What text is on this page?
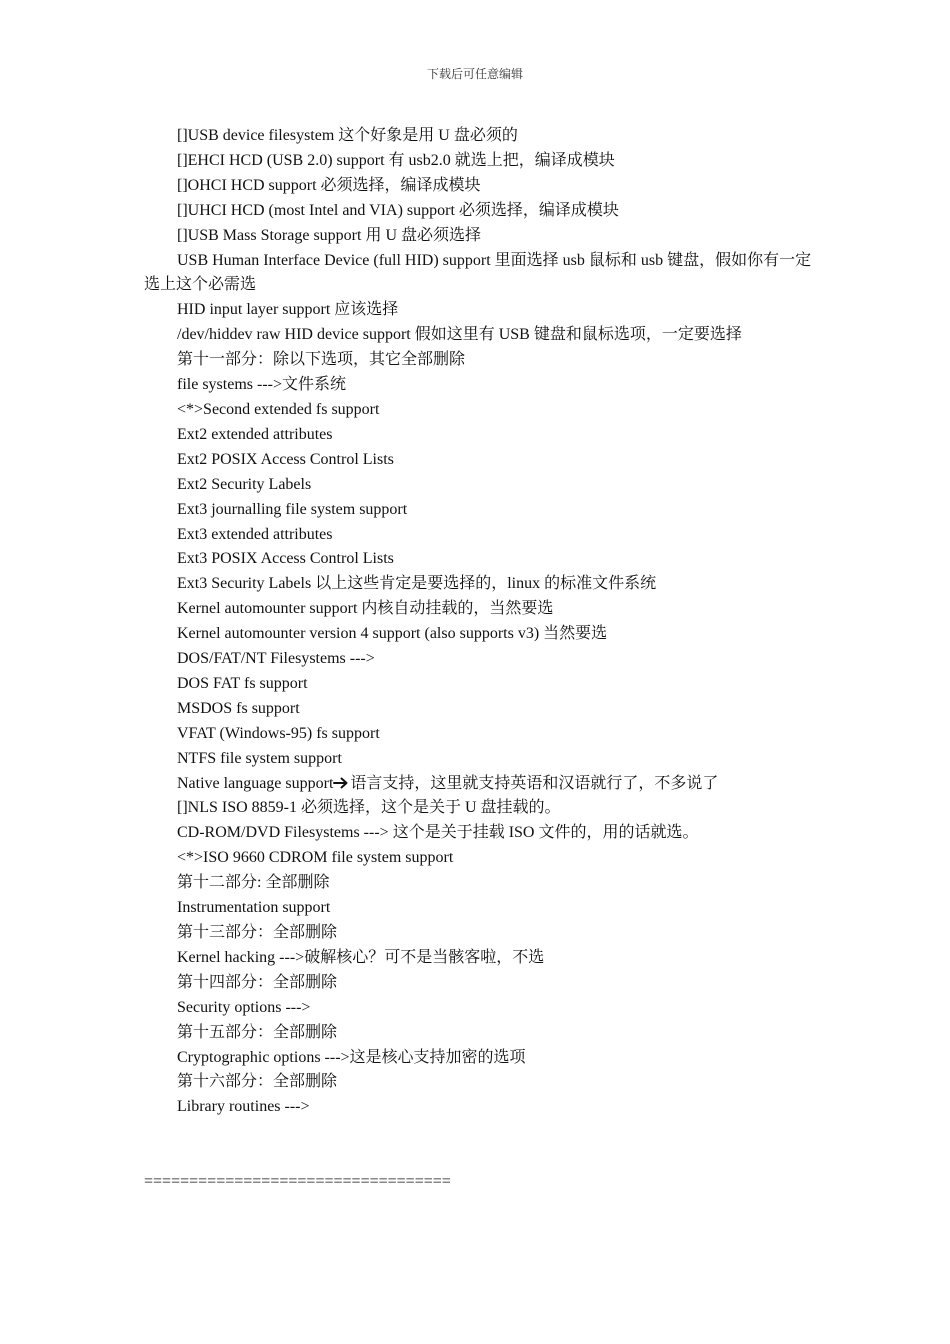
下载后可任意编辑
[]USB device filesystem 这个好象是用 U 盘必须的
[]EHCI HCD (USB 2.0) support 有 usb2.0 就选上把，编译成模块
[]OHCI HCD support 必须选择，编译成模块
[]UHCI HCD (most Intel and VIA) support 必须选择，编译成模块
[]USB Mass Storage support 用 U 盘必须选择
USB Human Interface Device (full HID) support 里面选择 usb 鼠标和 usb 键盘，假如你有一定选上这个必需选
HID input layer support 应该选择
/dev/hiddev raw HID device support 假如这里有 USB 键盘和鼠标选项，一定要选择
第十一部分：除以下选项，其它全部删除
file systems --->文件系统
<*>Second extended fs support
Ext2 extended attributes
Ext2 POSIX Access Control Lists
Ext2 Security Labels
Ext3 journalling file system support
Ext3 extended attributes
Ext3 POSIX Access Control Lists
Ext3 Security Labels 以上这些肯定是要选择的，linux 的标准文件系统
Kernel automounter support 内核自动挂载的，当然要选
Kernel automounter version 4 support (also supports v3) 当然要选
DOS/FAT/NT Filesystems --->
DOS FAT fs support
MSDOS fs support
VFAT (Windows-95) fs support
NTFS file system support
Native language support 语言支持，这里就支持英语和汉语就行了，不多说了
[]NLS ISO 8859-1 必须选择，这个是关于 U 盘挂载的。
CD-ROM/DVD Filesystems ---> 这个是关于挂载 ISO 文件的，用的话就选。
<*>ISO 9660 CDROM file system support
第十二部分: 全部删除
Instrumentation support
第十三部分：全部删除
Kernel hacking --->破解核心？可不是当骸客啦，不选
第十四部分：全部删除
Security options --->
第十五部分：全部删除
Cryptographic options --->这是核心支持加密的选项
第十六部分：全部删除
Library routines --->
==================================
